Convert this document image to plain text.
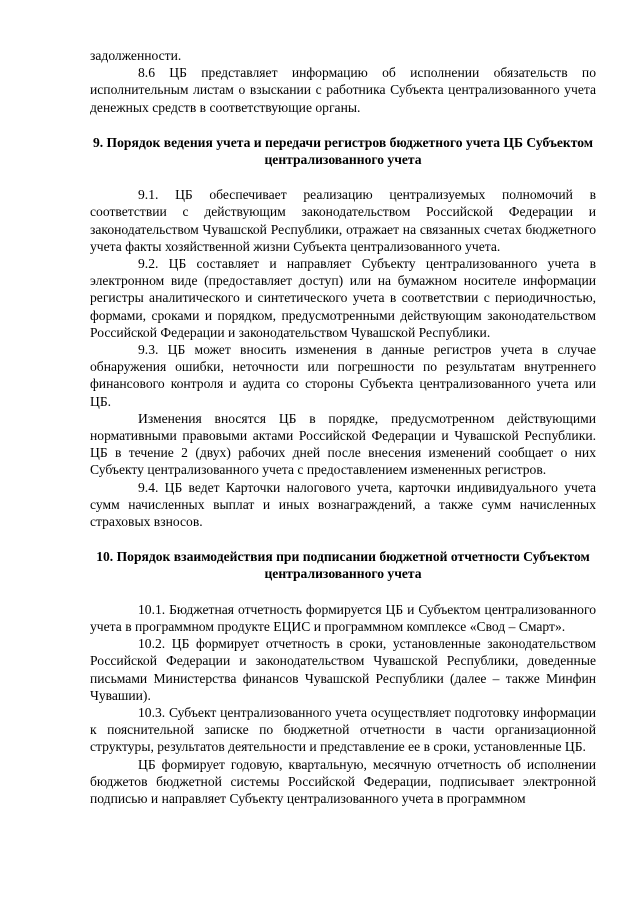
задолженности.

8.6 ЦБ представляет информацию об исполнении обязательств по исполнительным листам о взыскании с работника Субъекта централизованного учета денежных средств в соответствующие органы.

9. Порядок ведения учета и передачи регистров бюджетного учета ЦБ Субъектом централизованного учета

9.1. ЦБ обеспечивает реализацию централизуемых полномочий в соответствии с действующим законодательством Российской Федерации и законодательством Чувашской Республики, отражает на связанных счетах бюджетного учета факты хозяйственной жизни Субъекта централизованного учета.

9.2. ЦБ составляет и направляет Субъекту централизованного учета в электронном виде (предоставляет доступ) или на бумажном носителе информации регистры аналитического и синтетического учета в соответствии с периодичностью, формами, сроками и порядком, предусмотренными действующим законодательством Российской Федерации и законодательством Чувашской Республики.

9.3. ЦБ может вносить изменения в данные регистров учета в случае обнаружения ошибки, неточности или погрешности по результатам внутреннего финансового контроля и аудита со стороны Субъекта централизованного учета или ЦБ.

Изменения вносятся ЦБ в порядке, предусмотренном действующими нормативными правовыми актами Российской Федерации и Чувашской Республики. ЦБ в течение 2 (двух) рабочих дней после внесения изменений сообщает о них Субъекту централизованного учета с предоставлением измененных регистров.

9.4. ЦБ ведет Карточки налогового учета, карточки индивидуального учета сумм начисленных выплат и иных вознаграждений, а также сумм начисленных страховых взносов.

10. Порядок взаимодействия при подписании бюджетной отчетности Субъектом централизованного учета

10.1. Бюджетная отчетность формируется ЦБ и Субъектом централизованного учета в программном продукте ЕЦИС и программном комплексе «Свод – Смарт».

10.2. ЦБ формирует отчетность в сроки, установленные законодательством Российской Федерации и законодательством Чувашской Республики, доведенные письмами Министерства финансов Чувашской Республики (далее – также Минфин Чувашии).

10.3. Субъект централизованного учета осуществляет подготовку информации к пояснительной записке по бюджетной отчетности в части организационной структуры, результатов деятельности и представление ее в сроки, установленные ЦБ.

ЦБ формирует годовую, квартальную, месячную отчетность об исполнении бюджетов бюджетной системы Российской Федерации, подписывает электронной подписью и направляет Субъекту централизованного учета в программном
